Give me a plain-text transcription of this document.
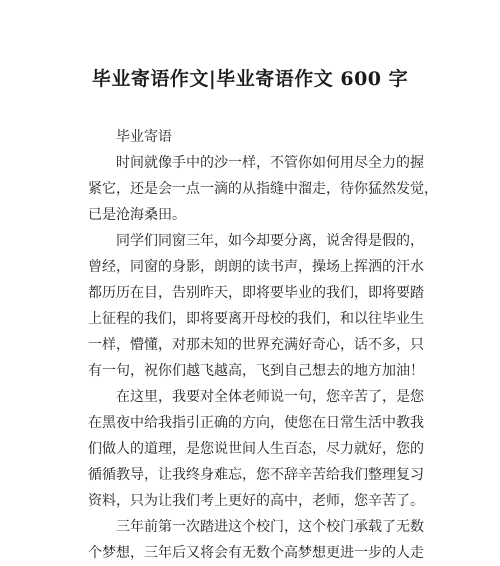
毕业寄语作文|毕业寄语作文 600 字

毕业寄语

时间就像手中的沙一样，不管你如何用尽全力的握
紧它，还是会一点一滴的从指缝中溜走，待你猛然发觉，
已是沧海桑田。

同学们同窗三年，如今却要分离，说舍得是假的，
曾经，同窗的身影，朗朗的读书声，操场上挥洒的汗水
都历历在目，告别昨天，即将要毕业的我们，即将要踏
上征程的我们，即将要离开母校的我们，和以往毕业生
一样，懵懂，对那未知的世界充满好奇心，话不多，只
有一句，祝你们越飞越高，飞到自己想去的地方加油！

在这里，我要对全体老师说一句，您辛苦了，是您
在黑夜中给我指引正确的方向，使您在日常生活中教我
们做人的道理，是您说世间人生百态，尽力就好，您的
循循教导，让我终身难忘，您不辞辛苦给我们整理复习
资料，只为让我们考上更好的高中，老师，您辛苦了。

三年前第一次踏进这个校门，这个校门承载了无数
个梦想，三年后又将会有无数个高梦想更进一步的人走
